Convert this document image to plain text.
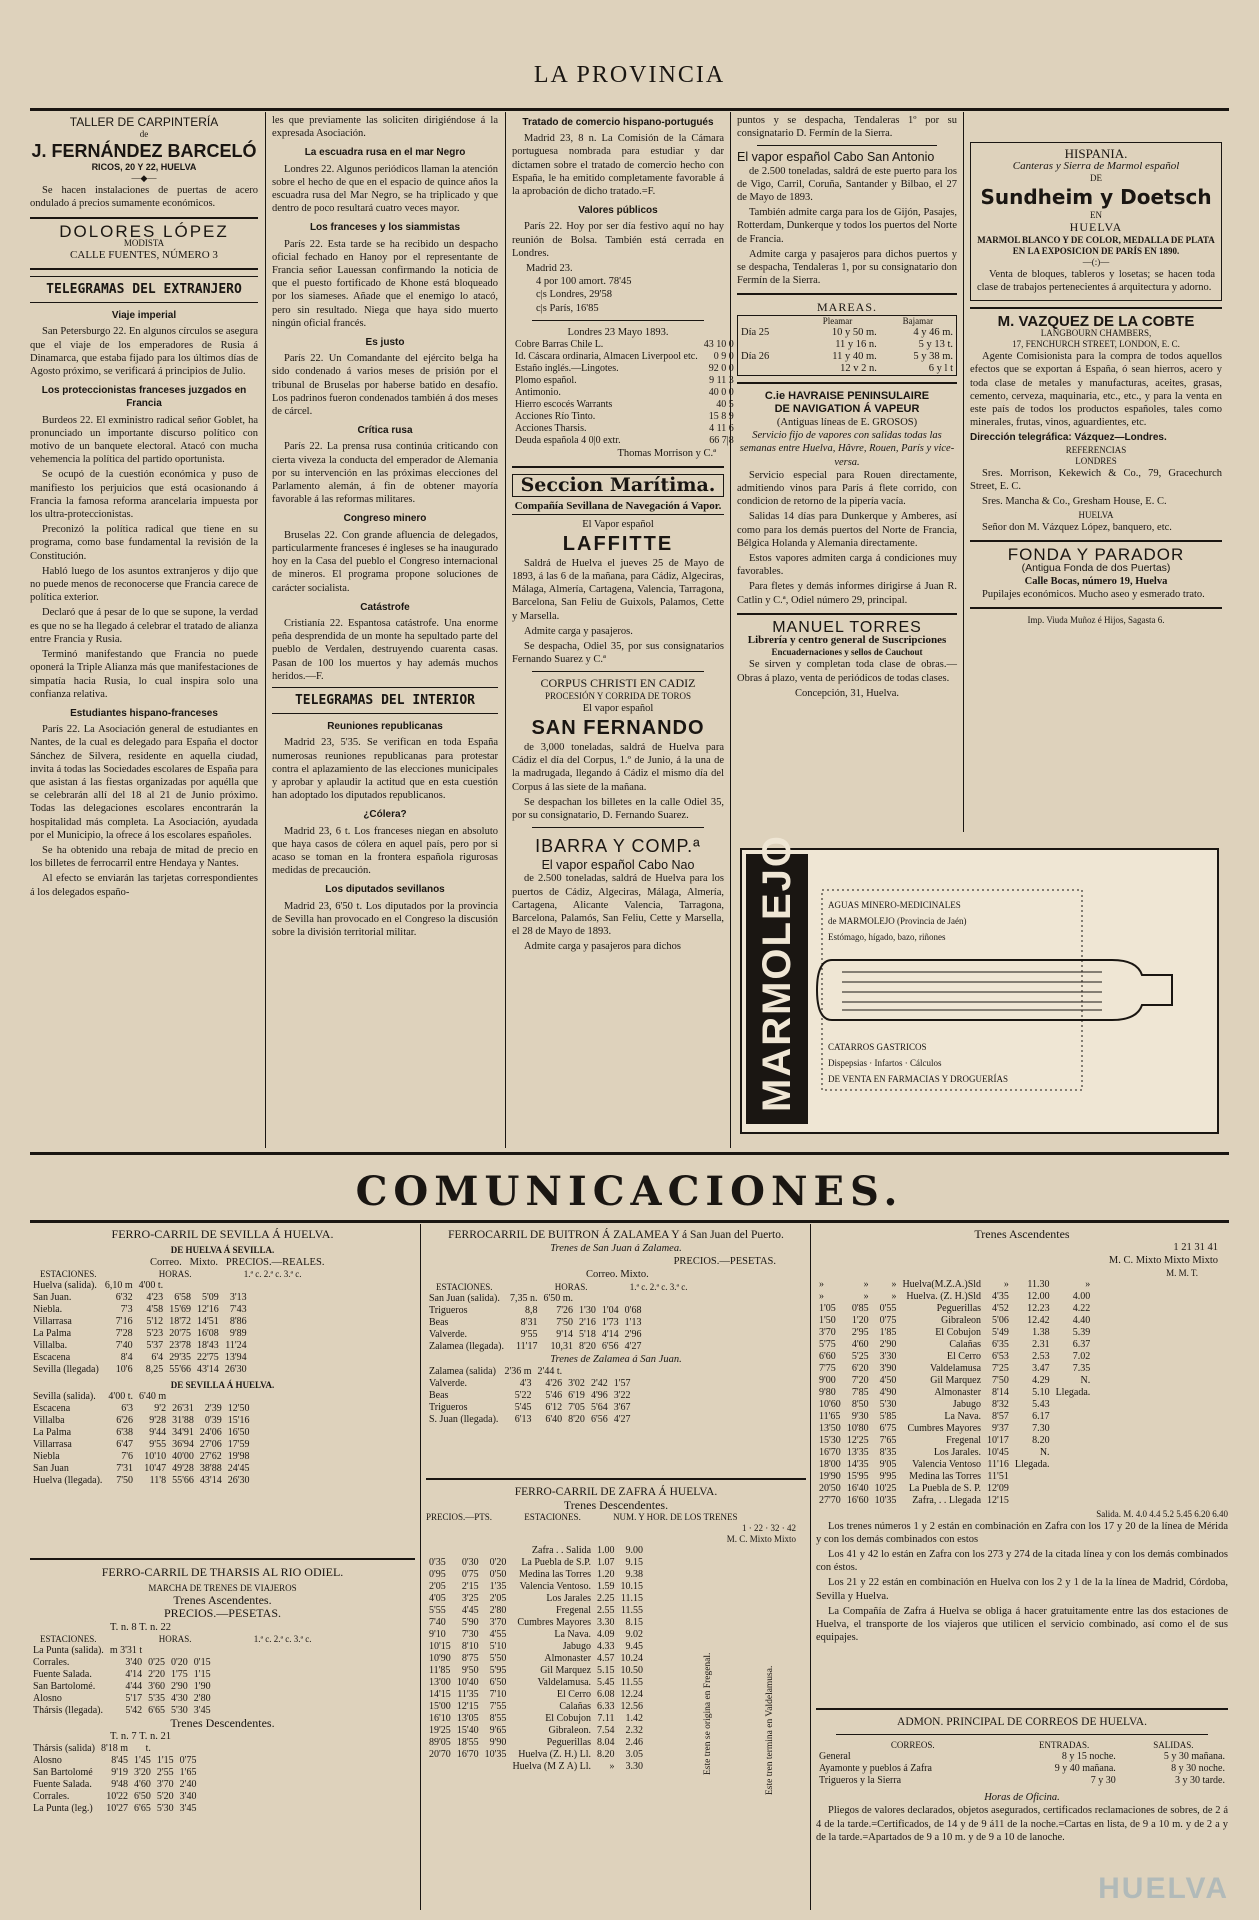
LA PROVINCIA
TALLER DE CARPINTERÍA
de
J. FERNÁNDEZ BARCELÓ
RICOS, 20 Y 22, HUELVA
—◆—

Se hacen instalaciones de puertas de acero ondulado á precios sumamente económicos.

DOLORES LÓPEZ
MODISTA
CALLE FUENTES, NÚMERO 3
TELEGRAMAS DEL EXTRANJERO
Viaje imperial

San Petersburgo 22. En algunos círculos se asegura que el viaje de los emperadores de Rusia á Dinamarca, que estaba fijado para los últimos días de Agosto próximo, se verificará á principios de Julio.

Los proteccionistas franceses juzgados en Francia

Burdeos 22. El exministro radical señor Goblet, ha pronunciado un importante discurso político con motivo de un banquete electoral. Atacó con mucha vehemencia la política del partido oportunista.

Se ocupó de la cuestión económica y puso de manifiesto los perjuicios que está ocasionando á Francia la famosa reforma arancelaria impuesta por los ultra-proteccionistas.

Preconizó la política radical que tiene en su programa, como base fundamental la revisión de la Constitución.

Habló luego de los asuntos extranjeros y dijo que no puede menos de reconocerse que Francia carece de política exterior.

Declaró que á pesar de lo que se supone, la verdad es que no se ha llegado á celebrar el tratado de alianza entre Francia y Rusia.

Terminó manifestando que Francia no puede oponerá la Triple Alianza más que manifestaciones de simpatía hacia Rusia, lo cual inspira solo una confianza relativa.

Estudiantes hispano-franceses

París 22. La Asociación general de estudiantes en Nantes, de la cual es delegado para España el doctor Sánchez de Silvera, residente en aquella ciudad, invita á todas las Sociedades escolares de España para que asistan á las fiestas organizadas por aquélla que se celebrarán allí del 18 al 21 de Junio próximo. Todas las delegaciones escolares encontrarán la hospitalidad más completa. La Asociación, ayudada por el Municipio, la ofrece á los escolares españoles.

Se ha obtenido una rebaja de mitad de precio en los billetes de ferrocarril entre Hendaya y Nantes.

Al efecto se enviarán las tarjetas correspondientes á los delegados españo-

les que previamente las soliciten dirigiéndose á la expresada Asociación.

La escuadra rusa en el mar Negro

Londres 22. Algunos periódicos llaman la atención sobre el hecho de que en el espacio de quince años la escuadra rusa del Mar Negro, se ha triplicado y que dentro de poco resultará cuatro veces mayor.

Los franceses y los siammistas

París 22. Esta tarde se ha recibido un despacho oficial fechado en Hanoy por el representante de Francia señor Lauessan confirmando la noticia de que el puesto fortificado de Khone está bloqueado por los siameses. Añade que el enemigo lo atacó, pero sin resultado. Niega que haya sido muerto ningún oficial francés.

Es justo

París 22. Un Comandante del ejército belga ha sido condenado á varios meses de prisión por el tribunal de Bruselas por haberse batido en desafío. Los padrinos fueron condenados también á dos meses de cárcel.

Crítica rusa

París 22. La prensa rusa continúa criticando con cierta viveza la conducta del emperador de Alemania por su intervención en las próximas elecciones del Parlamento alemán, á fin de obtener mayoría favorable á las reformas militares.

Congreso minero

Bruselas 22. Con grande afluencia de delegados, particularmente franceses é ingleses se ha inaugurado hoy en la Casa del pueblo el Congreso internacional de mineros. El programa propone soluciones de carácter socialista.

Catástrofe

Cristianía 22. Espantosa catástrofe. Una enorme peña desprendida de un monte ha sepultado parte del pueblo de Verdalen, destruyendo cuarenta casas. Pasan de 100 los muertos y hay además muchos heridos.—F.

TELEGRAMAS DEL INTERIOR
Reuniones republicanas

Madrid 23, 5'35. Se verifican en toda España numerosas reuniones republicanas para protestar contra el aplazamiento de las elecciones municipales y aprobar y aplaudir la actitud que en esta cuestión han adoptado los diputados republicanos.

¿Cólera?

Madrid 23, 6 t. Los franceses niegan en absoluto que haya casos de cólera en aquel país, pero por si acaso se toman en la frontera española rigurosas medidas de precaución.

Los diputados sevillanos

Madrid 23, 6'50 t. Los diputados por la provincia de Sevilla han provocado en el Congreso la discusión sobre la división territorial militar.

Tratado de comercio hispano-portugués

Madrid 23, 8 n. La Comisión de la Cámara portuguesa nombrada para estudiar y dar dictamen sobre el tratado de comercio hecho con España, le ha emitido completamente favorable á la aprobación de dicho tratado.=F.

Valores públicos

París 22. Hoy por ser día festivo aquí no hay reunión de Bolsa. También está cerrada en Londres.

Madrid 23.
4 por 100 amort. 78'45
c|s Londres, 29'58
c|s París, 16'85
Londres 23 Mayo 1893.
Cobre Barras Chile L.	43 10 0
Id. Cáscara ordinaria, Almacen Liverpool etc.	0 9 0
Estaño inglés.—Lingotes.	92 0 0
Plomo español.	9 11 3
Antimonio.	40 0 0
Hierro escocés Warrants	40 5
Acciones Río Tinto.	15 8 9
Acciones Tharsis.	4 11 6
Deuda española 4 0|0 extr.	66 7|8
Thomas Morrison y C.ª
Seccion Marítima.
Compañía Sevillana de Navegación á Vapor.
El Vapor español
LAFFITTE

Saldrá de Huelva el jueves 25 de Mayo de 1893, á las 6 de la mañana, para Cádiz, Algeciras, Málaga, Almería, Cartagena, Valencia, Tarragona, Barcelona, San Feliu de Guixols, Palamos, Cette y Marsella.

Admite carga y pasajeros.

Se despacha, Odiel 35, por sus consignatarios Fernando Suarez y C.ª

CORPUS CHRISTI EN CADIZ
PROCESIÓN Y CORRIDA DE TOROS
El vapor español
SAN FERNANDO

de 3,000 toneladas, saldrá de Huelva para Cádiz el día del Corpus, 1.º de Junio, á la una de la madrugada, llegando á Cádiz el mismo día del Corpus á las siete de la mañana.

Se despachan los billetes en la calle Odiel 35, por su consignatario, D. Fernando Suarez.

IBARRA Y COMP.ª
El vapor español Cabo Nao

de 2.500 toneladas, saldrá de Huelva para los puertos de Cádiz, Algeciras, Málaga, Almería, Cartagena, Alicante Valencia, Tarragona, Barcelona, Palamós, San Feliu, Cette y Marsella, el 28 de Mayo de 1893.

Admite carga y pasajeros para dichos

puntos y se despacha, Tendaleras 1º por su consignatario D. Fermín de la Sierra.

El vapor español Cabo San Antonio

de 2.500 toneladas, saldrá de este puerto para los de Vigo, Carril, Coruña, Santander y Bilbao, el 27 de Mayo de 1893.

También admite carga para los de Gijón, Pasajes, Rotterdam, Dunkerque y todos los puertos del Norte de Francia.

Admite carga y pasajeros para dichos puertos y se despacha, Tendaleras 1, por su consignatario don Fermín de la Sierra.

MAREAS.
	Pleamar	Bajamar
Día 25	10 y 50 m.	4 y 46 m.
	11 y 16 n.	5 y 13 t.
Día 26	11 y 40 m.	5 y 38 m.
	12 v 2 n.	6 y l t
C.ie HAVRAISE PENINSULAIRE
DE NAVIGATION Á VAPEUR
(Antiguas líneas de E. GROSOS)
Servicio fijo de vapores con salidas todas las semanas entre Huelva, Hâvre, Rouen, París y vice-versa.

Servicio especial para Rouen directamente, admitiendo vinos para París á flete corrido, con condicion de retorno de la pipería vacía.

Salidas 14 días para Dunkerque y Amberes, así como para los demás puertos del Norte de Francia, Bélgica Holanda y Alemania directamente.

Estos vapores admiten carga á condiciones muy favorables.

Para fletes y demás informes dirigirse á Juan R. Catlin y C.ª, Odiel número 29, principal.

MANUEL TORRES
Librería y centro general de Suscripciones
Encuadernaciones y sellos de Cauchout

Se sirven y completan toda clase de obras.—Obras á plazo, venta de periódicos de todas clases.

Concepción, 31, Huelva.
HISPANIA.
Canteras y Sierra de Marmol español
DE
Sundheim y Doetsch
EN
HUELVA
MARMOL BLANCO Y DE COLOR, MEDALLA DE PLATA EN LA EXPOSICION DE PARÍS EN 1890.
—(:)—

Venta de bloques, tableros y losetas; se hacen toda clase de trabajos pertenecientes á arquitectura y adorno.

M. VAZQUEZ DE LA COBTE
LANGBOURN CHAMBERS,
17, FENCHURCH STREET, LONDON, E. C.

Agente Comisionista para la compra de todos aquellos efectos que se exportan á España, ó sean hierros, acero y toda clase de metales y manufacturas, aceites, grasas, cemento, cerveza, maquinaria, etc., etc., y para la venta en este país de todos los productos españoles, tales como minerales, frutas, vinos, aguardientes, etc.

Dirección telegráfica: Vázquez—Londres.
REFERENCIAS
LONDRES

Sres. Morrison, Kekewich & Co., 79, Gracechurch Street, E. C.

Sres. Mancha & Co., Gresham House, E. C.

HUELVA

Señor don M. Vázquez López, banquero, etc.

FONDA Y PARADOR
(Antigua Fonda de dos Puertas)
Calle Bocas, número 19, Huelva

Pupilajes económicos. Mucho aseo y esmerado trato.

Imp. Viuda Muñoz é Hijos, Sagasta 6.
MARMOLEJO	AGUAS MINERO-MEDICINALES
de MARMOLEJO (Provincia de Jaén)
Estómago, hígado, bazo, riñones
CATARROS GASTRICOS
Dispepsias · Infartos · Cálculos
DE VENTA EN FARMACIAS Y DROGUERÍAS
COMUNICACIONES.
FERRO-CARRIL DE SEVILLA Á HUELVA.
DE HUELVA Á SEVILLA.
Correo. Mixto. PRECIOS.—REALES.
ESTACIONES.	HORAS.	1.ª c. 2.ª c. 3.ª c.
Huelva (salida).	6,10 m	4'00 t.			
San Juan.	6'32	4'23	6'58	5'09	3'13
Niebla.	7'3	4'58	15'69	12'16	7'43
Villarrasa	7'16	5'12	18'72	14'51	8'86
La Palma	7'28	5'23	20'75	16'08	9'89
Villalba.	7'40	5'37	23'78	18'43	11'24
Escacena	8'4	6'4	29'35	22'75	13'94
Sevilla (llegada)	10'6	8,25	55'66	43'14	26'30
DE SEVILLA Á HUELVA.
Sevilla (salida).	4'00 t.	6'40 m			
Escacena	6'3	9'2	26'31	2'39	12'50
Villalba	6'26	9'28	31'88	0'39	15'16
La Palma	6'38	9'44	34'91	24'06	16'50
Villarrasa	6'47	9'55	36'94	27'06	17'59
Niebla	7'6	10'10	40'00	27'62	19'98
San Juan	7'31	10'47	49'28	38'88	24'45
Huelva (llegada).	7'50	11'8	55'66	43'14	26'30
FERRO-CARRIL DE THARSIS AL RIO ODIEL.
MARCHA DE TRENES DE VIAJEROS
Trenes Ascendentes.
PRECIOS.—PESETAS.
T. n. 8 T. n. 22
ESTACIONES.	HORAS.	1.ª c. 2.ª c. 3.ª c.
La Punta (salida).	m 3'31 t			
Corrales.	3'40	0'25	0'20	0'15
Fuente Salada.	4'14	2'20	1'75	1'15
San Bartolomé.	4'44	3'60	2'90	1'90
Alosno	5'17	5'35	4'30	2'80
Thársis (llegada).	5'42	6'65	5'30	3'45
Trenes Descendentes.
T. n. 7 T. n. 21
Thársis (salida)	8'18 m	t.		
Alosno	8'45	1'45	1'15	0'75
San Bartolomé	9'19	3'20	2'55	1'65
Fuente Salada.	9'48	4'60	3'70	2'40
Corrales.	10'22	6'50	5'20	3'40
La Punta (leg.)	10'27	6'65	5'30	3'45
FERROCARRIL DE BUITRON Á ZALAMEA Y á San Juan del Puerto.
Trenes de San Juan á Zalamea.
PRECIOS.—PESETAS.
Correo. Mixto.
ESTACIONES.	HORAS.	1.ª c. 2.ª c. 3.ª c.
San Juan (salida).	7,35 n.	6'50 m.			
Trigueros	8,8	7'26	1'30	1'04	0'68
Beas	8'31	7'50	2'16	1'73	1'13
Valverde.	9'55	9'14	5'18	4'14	2'96
Zalamea (llegada).	11'17	10,31	8'20	6'56	4'27
Trenes de Zalamea á San Juan.
Zalamea (salida)	2'36 m	2'44 t.			
Valverde.	4'3	4'26	3'02	2'42	1'57
Beas	5'22	5'46	6'19	4'96	3'22
Trigueros	5'45	6'12	7'05	5'64	3'67
S. Juan (llegada).	6'13	6'40	8'20	6'56	4'27
FERRO-CARRIL DE ZAFRA Á HUELVA.
Trenes Descendentes.
PRECIOS.—PTS.	ESTACIONES.	NUM. Y HOR. DE LOS TRENES
1 · 22 · 32 · 42
M. C. Mixto Mixto
			Zafra . . Salida	1.00	9.00
0'35	0'30	0'20	La Puebla de S.P.	1.07	9.15
0'95	0'75	0'50	Medina las Torres	1.20	9.38
2'05	2'15	1'35	Valencia Ventoso.	1.59	10.15
4'05	3'25	2'05	Los Jarales	2.25	11.15
5'55	4'45	2'80	Fregenal	2.55	11.55
7'40	5'90	3'70	Cumbres Mayores	3.30	8.15
9'10	7'30	4'55	La Nava.	4.09	9.02
10'15	8'10	5'10	Jabugo	4.33	9.45
10'90	8'75	5'50	Almonaster	4.57	10.24
11'85	9'50	5'95	Gil Marquez	5.15	10.50
13'00	10'40	6'50	Valdelamusa.	5.45	11.55
14'15	11'35	7'10	El Cerro	6.08	12.24
15'00	12'15	7'55	Calañas	6.33	12.56
16'10	13'05	8'55	El Cobujon	7.11	1.42
19'25	15'40	9'65	Gibraleon.	7.54	2.32
89'05	18'55	9'90	Peguerillas	8.04	2.46
20'70	16'70	10'35	Huelva (Z. H.) Ll.	8.20	3.05
			Huelva (M Z A) Ll.	»	3.30	Este tren se origina en Fregenal.	Este tren termina en Valdelamusa.
Trenes Ascendentes
1 21 31 41
M. C. Mixto Mixto Mixto
M. M. T.
»	»	»	Huelva(M.Z.A.)Sld	»	11.30	»
»	»	»	Huelva. (Z. H.)Sld	4'35	12.00	4.00
1'05	0'85	0'55	Peguerillas	4'52	12.23	4.22
1'50	1'20	0'75	Gibraleon	5'06	12.42	4.40
3'70	2'95	1'85	El Cobujon	5'49	1.38	5.39
5'75	4'60	2'90	Calañas	6'35	2.31	6.37
6'60	5'25	3'30	El Cerro	6'53	2.53	7.02
7'75	6'20	3'90	Valdelamusa	7'25	3.47	7.35
9'00	7'20	4'50	Gil Marquez	7'50	4.29	N.
9'80	7'85	4'90	Almonaster	8'14	5.10	Llegada.
10'60	8'50	5'30	Jabugo	8'32	5.43	
11'65	9'30	5'85	La Nava.	8'57	6.17	
13'50	10'80	6'75	Cumbres Mayores	9'37	7.30	
15'30	12'25	7'65	Fregenal	10'17	8.20	
16'70	13'35	8'35	Los Jarales.	10'45	N.	
18'00	14'35	9'05	Valencia Ventoso	11'16	Llegada.	
19'90	15'95	9'95	Medina las Torres	11'51		
20'50	16'40	10'25	La Puebla de S. P.	12'09		
27'70	16'60	10'35	Zafra, . . Llegada	12'15		
Salida. M. 4.0 4.4 5.2 5.45 6.20 6.40

Los trenes números 1 y 2 están en combinación en Zafra con los 17 y 20 de la línea de Mérida y con los demás combinados con estos

Los 41 y 42 lo están en Zafra con los 273 y 274 de la citada línea y con los demás combinados con éstos.

Los 21 y 22 están en combinación en Huelva con los 2 y 1 de la la línea de Madrid, Córdoba, Sevilla y Huelva.

La Compañía de Zafra á Huelva se obliga á hacer gratuitamente entre las dos estaciones de Huelva, el transporte de los viajeros que utilicen el servicio combinado, así como el de sus equipajes.

ADMON. PRINCIPAL DE CORREOS DE HUELVA.
CORREOS.	ENTRADAS.	SALIDAS.
General	8 y 15 noche.	5 y 30 mañana.
Ayamonte y pueblos á Zafra	9 y 40 mañana.	8 y 30 noche.
Trigueros y la Sierra	7 y 30	3 y 30 tarde.
Horas de Oficina.

Pliegos de valores declarados, objetos asegurados, certificados reclamaciones de sobres, de 2 á 4 de la tarde.=Certificados, de 14 y de 9 á11 de la noche.=Cartas en lista, de 9 a 10 m. y de 2 a y de la tarde.=Apartados de 9 a 10 m. y de 9 a 10 de lanoche.

HUELVA
